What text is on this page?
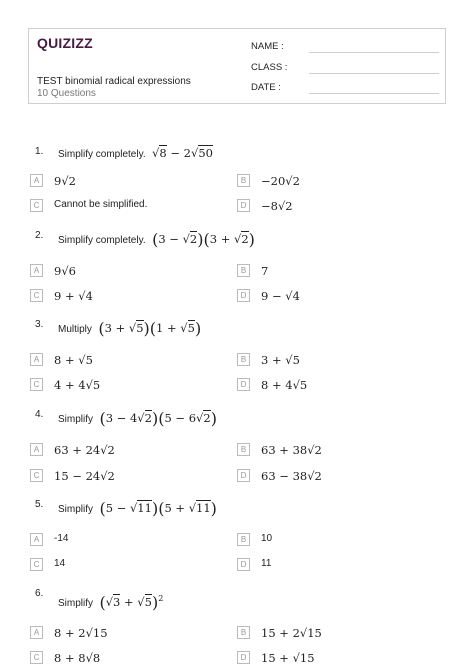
QUIZIZZ
TEST binomial radical expressions
10 Questions
NAME :
CLASS :
DATE :
1. Simplify completely.  √8 − 2√50
A	9√2	B	−20√2
C	Cannot be simplified.	D	−8√2
2. Simplify completely. (3 − √2)(3 + √2)
A	9√6	B	7
C	9 + √4	D	9 − √4
3. Multiply (3 + √5)(1 + √5)
A	8 + √5	B	3 + √5
C	4 + 4√5	D	8 + 4√5
4. Simplify (3 − 4√2)(5 − 6√2)
A	63 + 24√2	B	63 + 38√2
C	15 − 24√2	D	63 − 38√2
5. Simplify (5 − √11)(5 + √11)
A	-14	B	10
C	14	D	11
6.
Simplify $(√3 + √5)^2$
A	8 + 2√15	B	15 + 2√15
C	8 + 8√8	D	15 + √15
